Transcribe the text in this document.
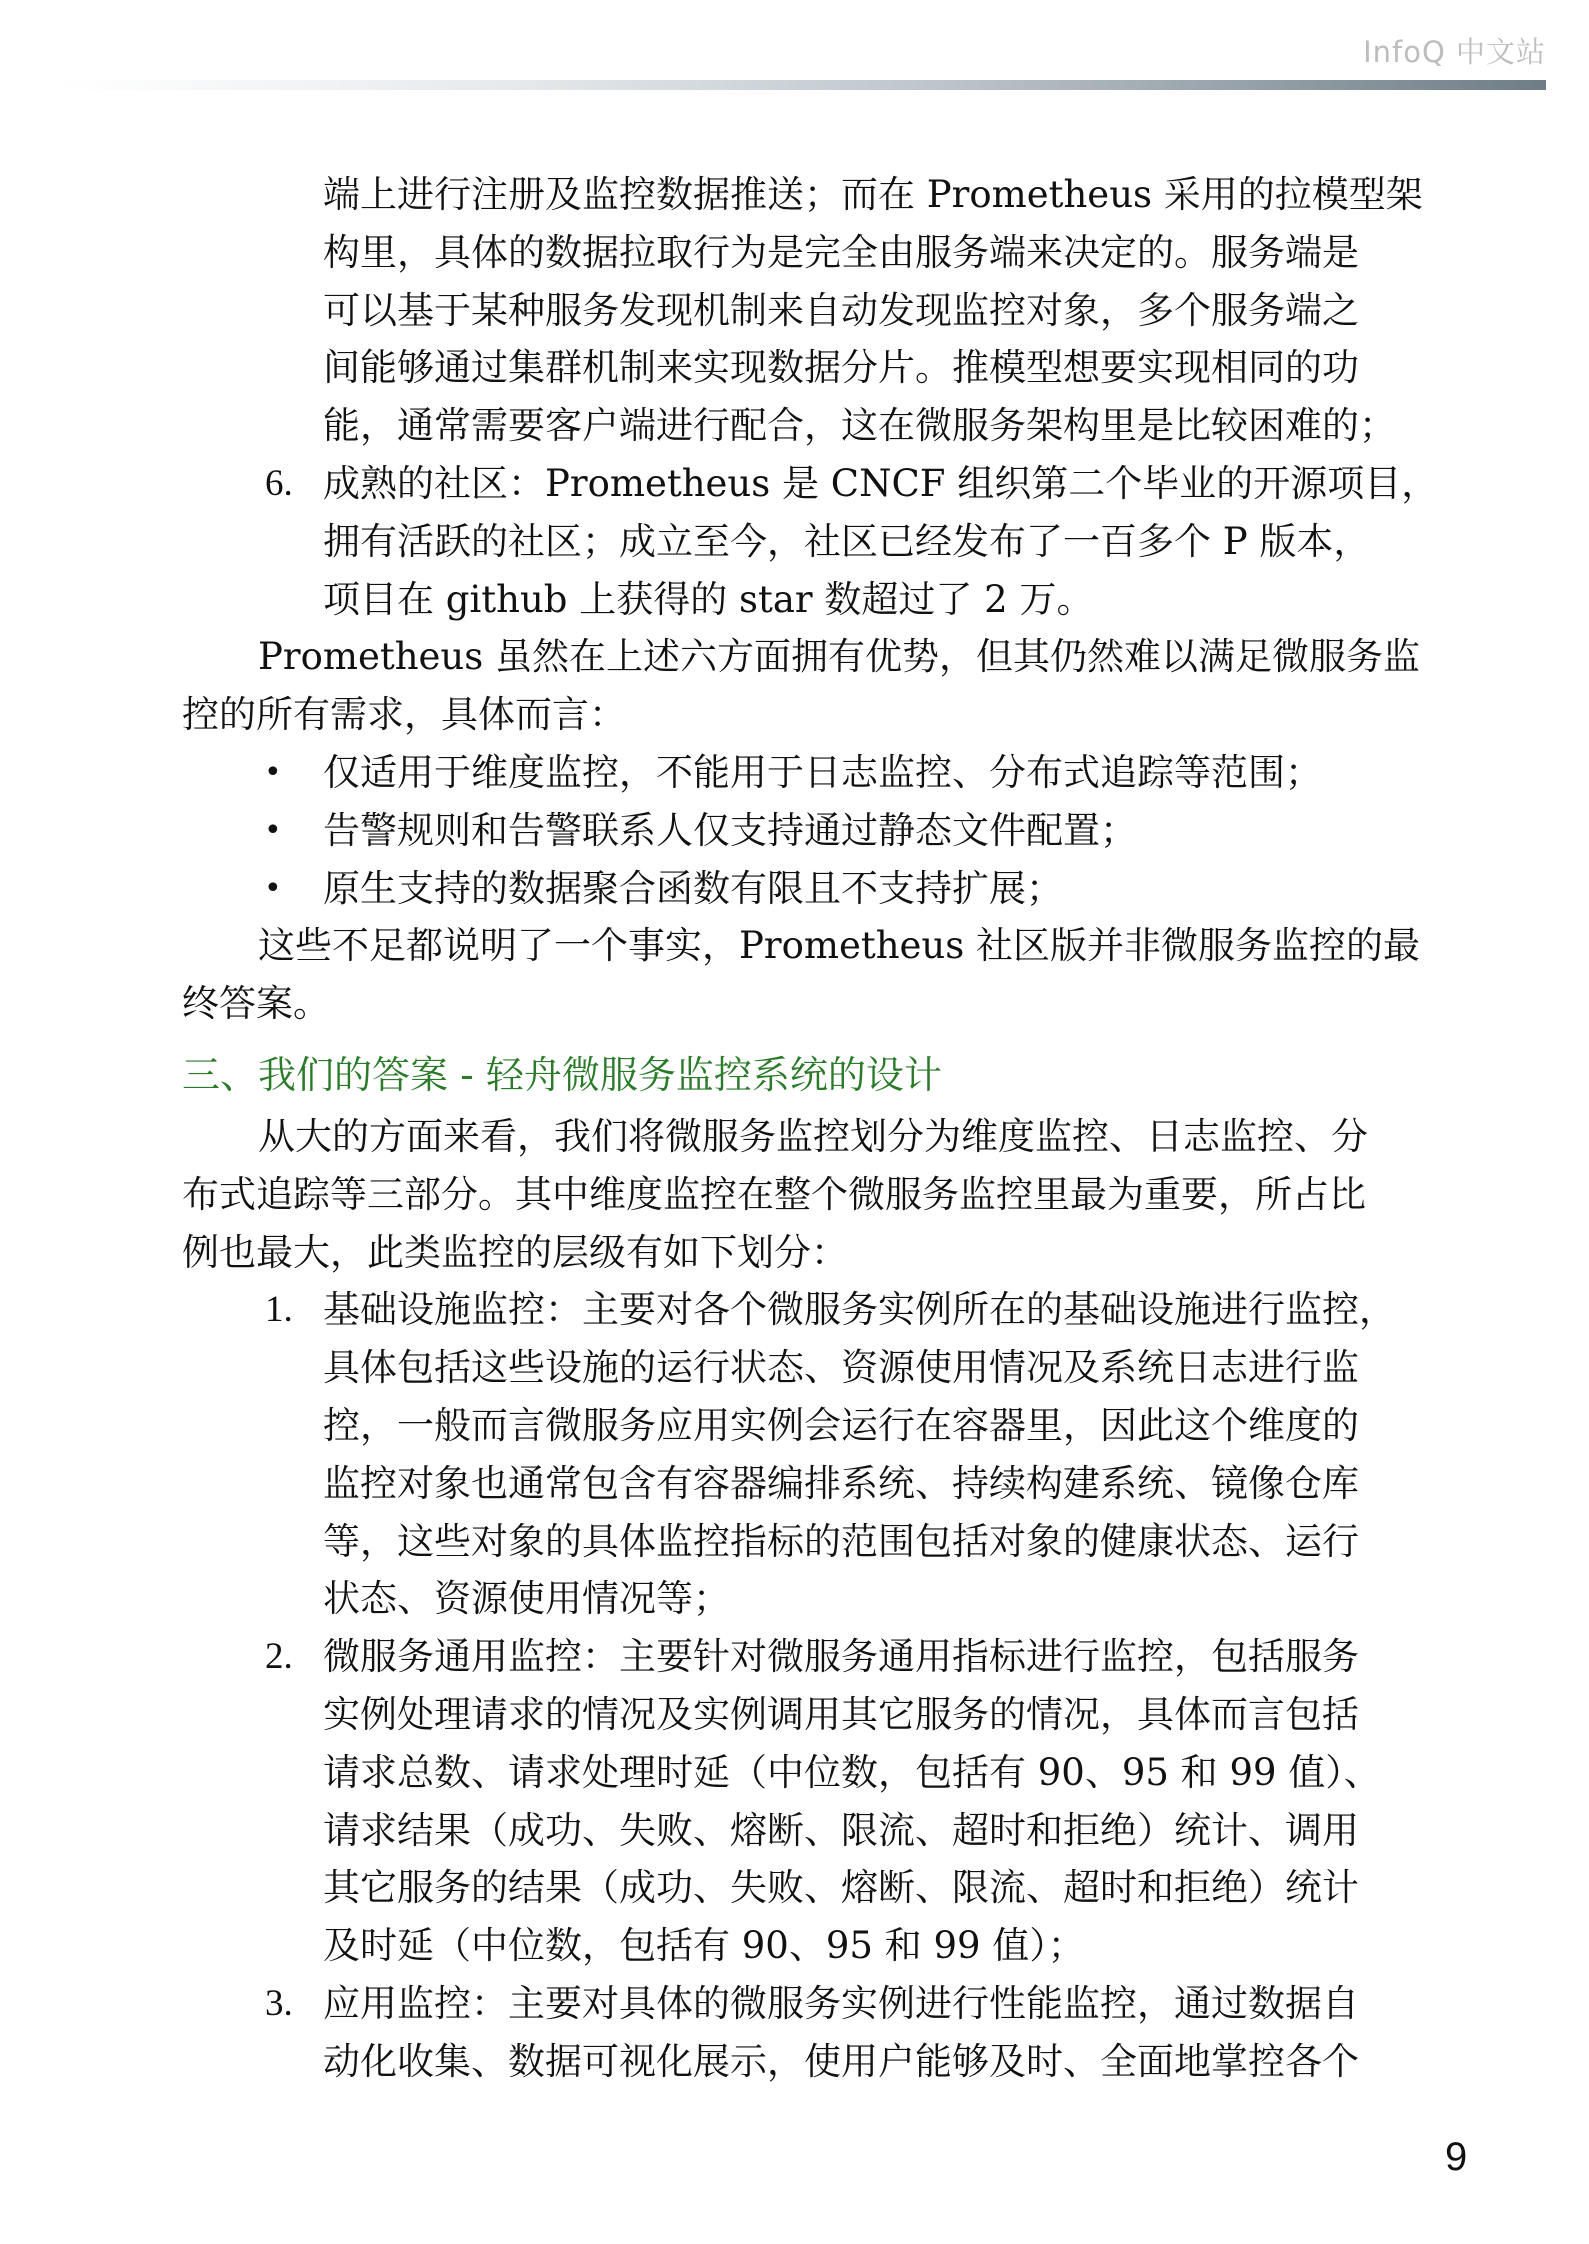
InfoQ 中文站
端上进行注册及监控数据推送；而在 Prometheus 采用的拉模型架
构里，具体的数据拉取行为是完全由服务端来决定的。服务端是
可以基于某种服务发现机制来自动发现监控对象，多个服务端之
间能够通过集群机制来实现数据分片。推模型想要实现相同的功
能，通常需要客户端进行配合，这在微服务架构里是比较困难的；
6. 成熟的社区：Prometheus 是 CNCF 组织第二个毕业的开源项目，
拥有活跃的社区；成立至今，社区已经发布了一百多个 P 版本，
项目在 github 上获得的 star 数超过了 2 万。
Prometheus 虽然在上述六方面拥有优势，但其仍然难以满足微服务监
控的所有需求，具体而言：
• 仅适用于维度监控，不能用于日志监控、分布式追踪等范围；
• 告警规则和告警联系人仅支持通过静态文件配置；
• 原生支持的数据聚合函数有限且不支持扩展；
这些不足都说明了一个事实，Prometheus 社区版并非微服务监控的最
终答案。
三、我们的答案 - 轻舟微服务监控系统的设计
从大的方面来看，我们将微服务监控划分为维度监控、日志监控、分
布式追踪等三部分。其中维度监控在整个微服务监控里最为重要，所占比
例也最大，此类监控的层级有如下划分：
1. 基础设施监控：主要对各个微服务实例所在的基础设施进行监控，
具体包括这些设施的运行状态、资源使用情况及系统日志进行监
控，一般而言微服务应用实例会运行在容器里，因此这个维度的
监控对象也通常包含有容器编排系统、持续构建系统、镜像仓库
等，这些对象的具体监控指标的范围包括对象的健康状态、运行
状态、资源使用情况等；
2. 微服务通用监控：主要针对微服务通用指标进行监控，包括服务
实例处理请求的情况及实例调用其它服务的情况，具体而言包括
请求总数、请求处理时延（中位数，包括有 90、95 和 99 值）、
请求结果（成功、失败、熔断、限流、超时和拒绝）统计、调用
其它服务的结果（成功、失败、熔断、限流、超时和拒绝）统计
及时延（中位数，包括有 90、95 和 99 值）；
3. 应用监控：主要对具体的微服务实例进行性能监控，通过数据自
动化收集、数据可视化展示，使用户能够及时、全面地掌控各个
9
